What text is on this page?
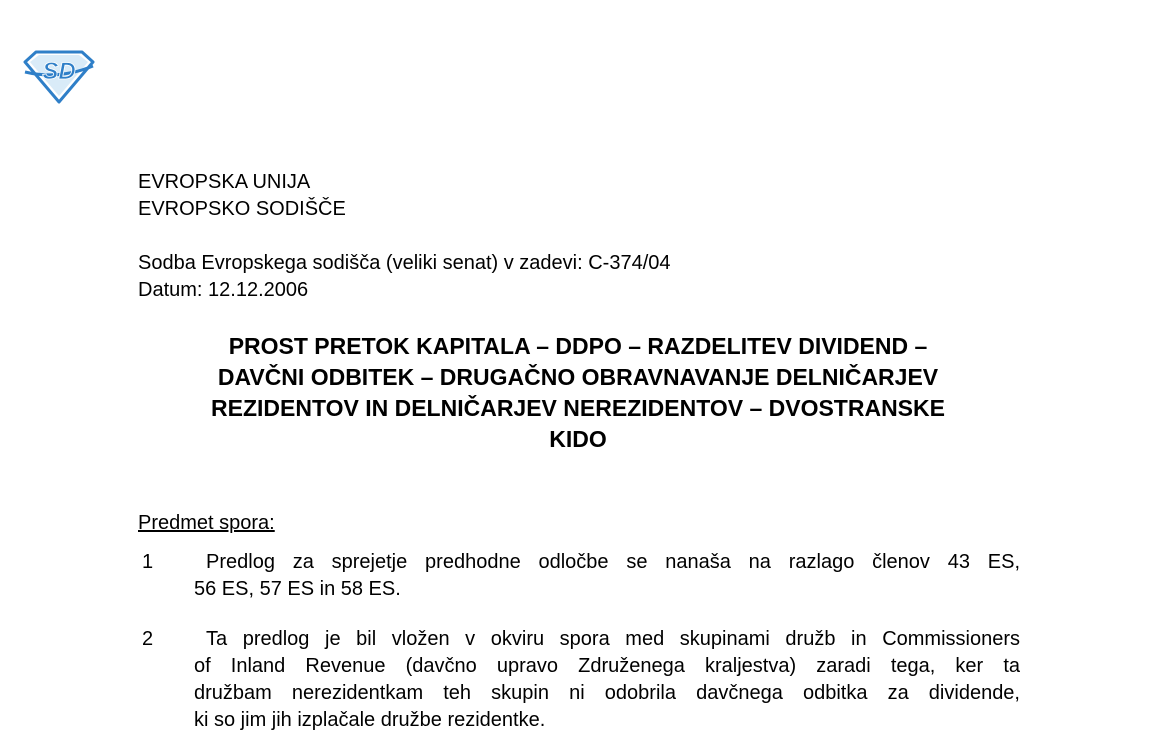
SD
EVROPSKA UNIJA
EVROPSKO SODIŠČE
Sodba Evropskega sodišča (veliki senat) v zadevi: C-374/04
Datum: 12.12.2006
PROST PRETOK KAPITALA – DDPO – RAZDELITEV DIVIDEND –
DAVČNI ODBITEK – DRUGAČNO OBRAVNAVANJE DELNIČARJEV
REZIDENTOV IN DELNIČARJEV NEREZIDENTOV – DVOSTRANSKE
KIDO
Predmet spora:
1	Predlog za sprejetje predhodne odločbe se nanaša na razlago členov 43 ES,
56 ES, 57 ES in 58 ES.
2	Ta predlog je bil vložen v okviru spora med skupinami družb in Commissioners
of Inland Revenue (davčno upravo Združenega kraljestva) zaradi tega, ker ta
družbam nerezidentkam teh skupin ni odobrila davčnega odbitka za dividende,
ki so jim jih izplačale družbe rezidentke.
